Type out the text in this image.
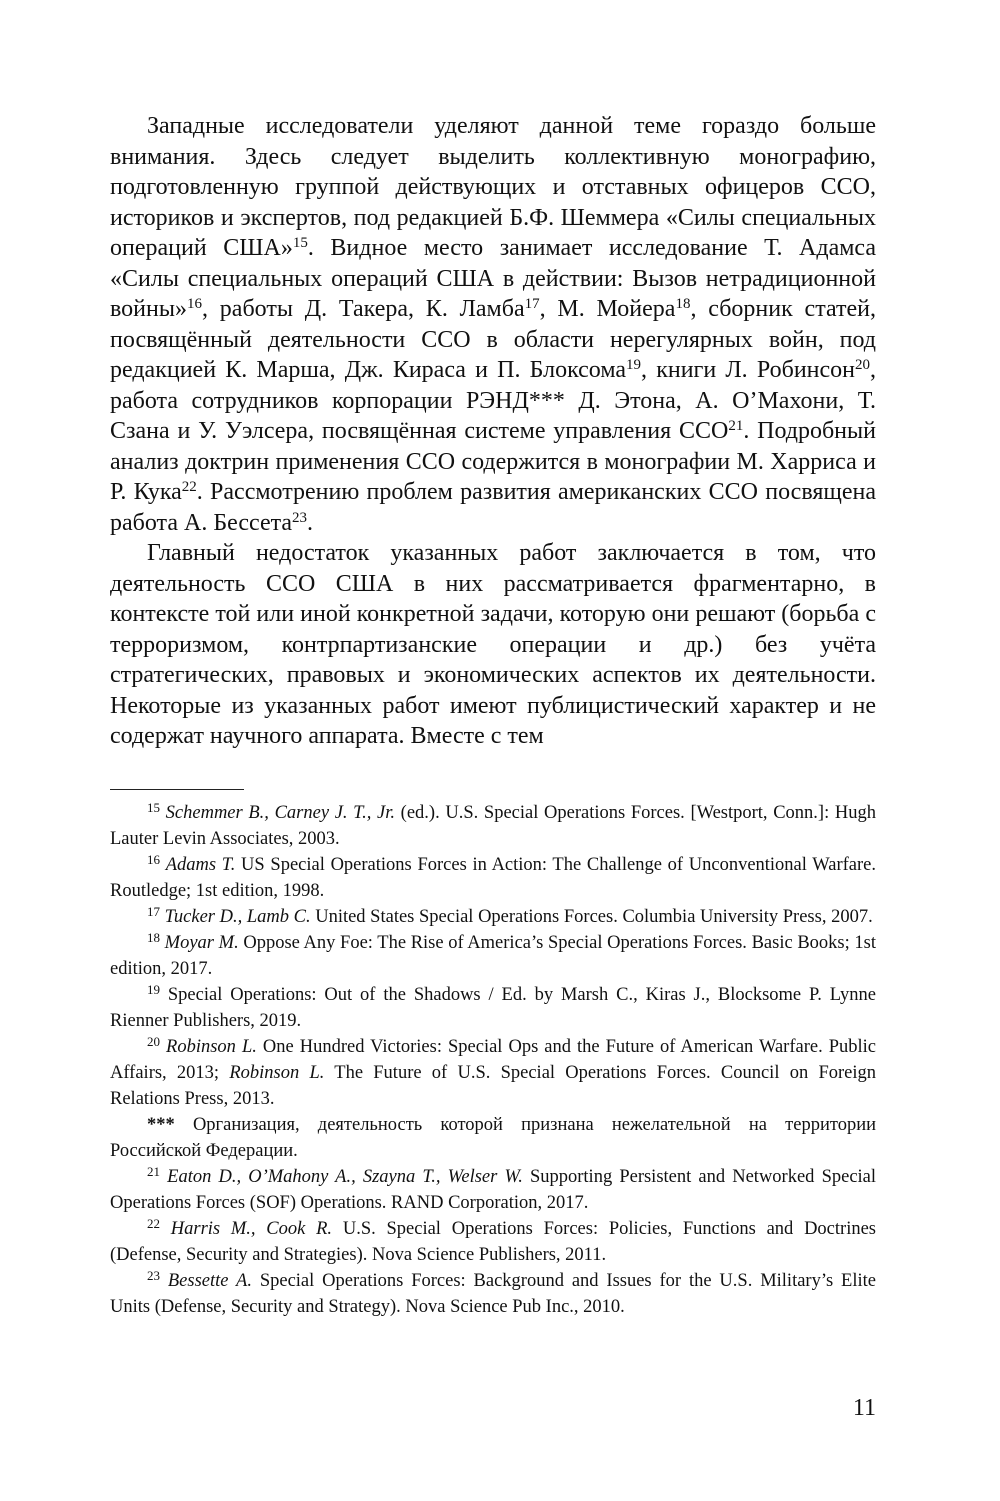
Западные исследователи уделяют данной теме гораздо больше внимания. Здесь следует выделить коллективную монографию, подготовленную группой действующих и отставных офицеров ССО, историков и экспертов, под редакцией Б.Ф. Шеммера «Силы специальных операций США»$^{15}$. Видное место занимает исследование Т. Адамса «Силы специальных операций США в действии: Вызов нетрадиционной войны»$^{16}$, работы Д. Такера, К. Ламба$^{17}$, М. Мойера$^{18}$, сборник статей, посвящённый деятельности ССО в области нерегулярных войн, под редакцией К. Марша, Дж. Кираса и П. Блоксома$^{19}$, книги Л. Робинсон$^{20}$, работа сотрудников корпорации РЭНД*** Д. Этона, А. О’Махони, Т. Сзана и У. Уэлсера, посвящённая системе управления ССО$^{21}$. Подробный анализ доктрин применения ССО содержится в монографии М. Харриса и Р. Кука$^{22}$. Рассмотрению проблем развития американских ССО посвящена работа А. Бессета$^{23}$.

Главный недостаток указанных работ заключается в том, что деятельность ССО США в них рассматривается фрагментарно, в контексте той или иной конкретной задачи, которую они решают (борьба с терроризмом, контрпартизанские операции и др.) без учёта стратегических, правовых и экономических аспектов их деятельности. Некоторые из указанных работ имеют публицистический характер и не содержат научного аппарата. Вместе с тем

$^{15}$ Schemmer B., Carney J. T., Jr. (ed.). U.S. Special Operations Forces. [Westport, Conn.]: Hugh Lauter Levin Associates, 2003.
$^{16}$ Adams T. US Special Operations Forces in Action: The Challenge of Unconventional Warfare. Routledge; 1st edition, 1998.
$^{17}$ Tucker D., Lamb C. United States Special Operations Forces. Columbia University Press, 2007.
$^{18}$ Moyar M. Oppose Any Foe: The Rise of America’s Special Operations Forces. Basic Books; 1st edition, 2017.
$^{19}$ Special Operations: Out of the Shadows / Ed. by Marsh C., Kiras J., Blocksome P. Lynne Rienner Publishers, 2019.
$^{20}$ Robinson L. One Hundred Victories: Special Ops and the Future of American Warfare. Public Affairs, 2013; Robinson L. The Future of U.S. Special Operations Forces. Council on Foreign Relations Press, 2013.
*** Организация, деятельность которой признана нежелательной на территории Российской Федерации.
$^{21}$ Eaton D., O’Mahony A., Szayna T., Welser W. Supporting Persistent and Networked Special Operations Forces (SOF) Operations. RAND Corporation, 2017.
$^{22}$ Harris M., Cook R. U.S. Special Operations Forces: Policies, Functions and Doctrines (Defense, Security and Strategies). Nova Science Publishers, 2011.
$^{23}$ Bessette A. Special Operations Forces: Background and Issues for the U.S. Military’s Elite Units (Defense, Security and Strategy). Nova Science Pub Inc., 2010.
11
